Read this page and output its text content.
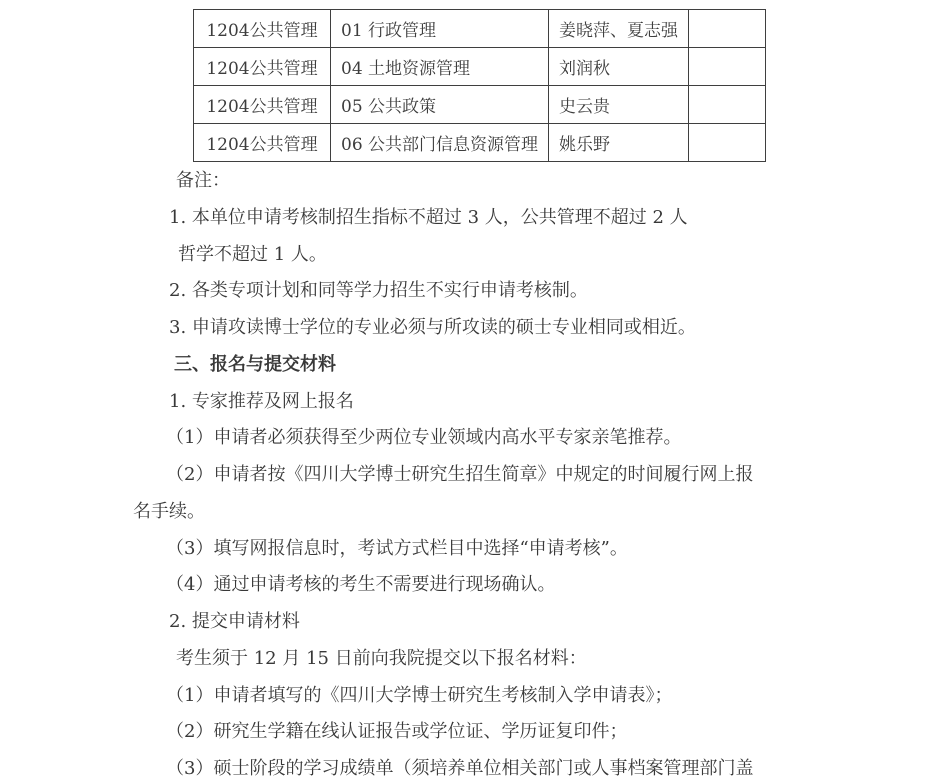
1204公共管理	01 行政管理	姜晓萍、夏志强	
1204公共管理	04 土地资源管理	刘润秋	
1204公共管理	05 公共政策	史云贵	
1204公共管理	06 公共部门信息资源管理	姚乐野	
备注：
1. 本单位申请考核制招生指标不超过 3 人，公共管理不超过 2 人
哲学不超过 1 人。
2. 各类专项计划和同等学力招生不实行申请考核制。
3. 申请攻读博士学位的专业必须与所攻读的硕士专业相同或相近。
三、报名与提交材料
1. 专家推荐及网上报名
（1）申请者必须获得至少两位专业领域内高水平专家亲笔推荐。
（2）申请者按《四川大学博士研究生招生简章》中规定的时间履行网上报
名手续。
（3）填写网报信息时，考试方式栏目中选择“申请考核”。
（4）通过申请考核的考生不需要进行现场确认。
2. 提交申请材料
考生须于 12 月 15 日前向我院提交以下报名材料：
（1）申请者填写的《四川大学博士研究生考核制入学申请表》；
（2）研究生学籍在线认证报告或学位证、学历证复印件；
（3）硕士阶段的学习成绩单（须培养单位相关部门或人事档案管理部门盖
